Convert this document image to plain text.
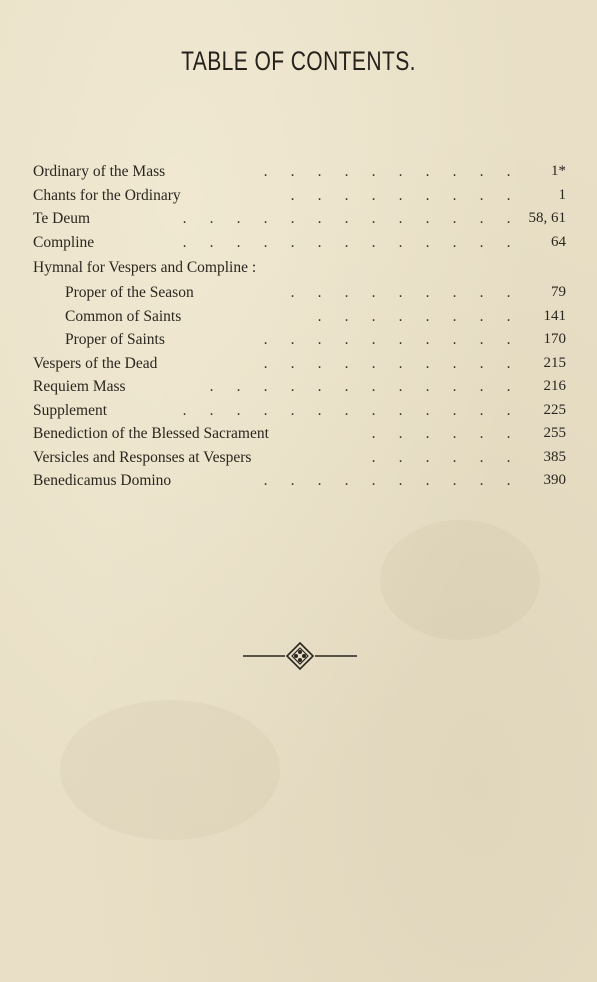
TABLE OF CONTENTS.
Ordinary of the Mass	. . . . . . . . . .	1*
Chants for the Ordinary	. . . . . . . . .	1
Te Deum	. . . . . . . . . . . . .	58, 61
Compline	. . . . . . . . . . . . .	64
Hymnal for Vespers and Compline :
Proper of the Season	. . . . . . . . .	79
Common of Saints	. . . . . . . .	141
Proper of Saints	. . . . . . . . . .	170
Vespers of the Dead	. . . . . . . . . .	215
Requiem Mass	. . . . . . . . . . . .	216
Supplement	. . . . . . . . . . . . .	225
Benediction of the Blessed Sacrament	. . . . . .	255
Versicles and Responses at Vespers	. . . . . .	385
Benedicamus Domino	. . . . . . . . . .	390
